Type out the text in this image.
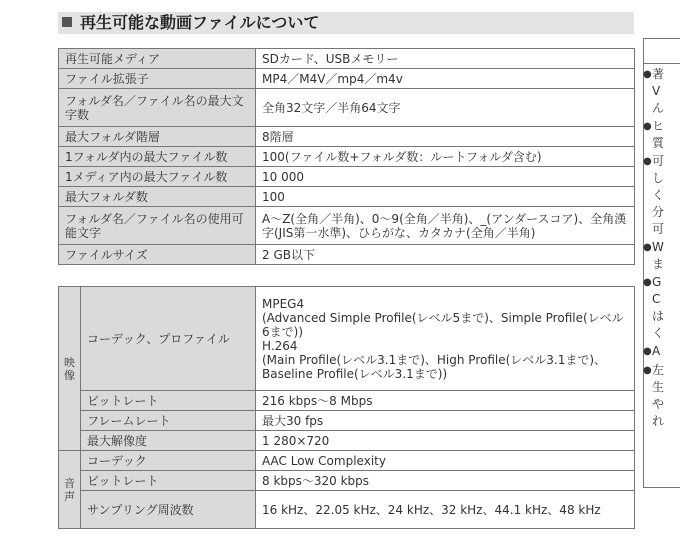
再生可能な動画ファイルについて
再生可能メディア	SDカード、USBメモリー
ファイル拡張子	MP4／M4V／mp4／m4v
フォルダ名／ファイル名の最大文字数	全角32文字／半角64文字
最大フォルダ階層	8階層
1フォルダ内の最大ファイル数	100(ファイル数+フォルダ数：ルートフォルダ含む)
1メディア内の最大ファイル数	10 000
最大フォルダ数	100
フォルダ名／ファイル名の使用可能文字	A～Z(全角／半角)、0～9(全角／半角)、_(アンダースコア)、全角漢字(JIS第一水準)、ひらがな、カタカナ(全角／半角)
ファイルサイズ	2 GB以下
映像	コーデック、プロファイル	MPEG4
(Advanced Simple Profile(レベル5まで)、Simple Profile(レベル6まで))
H.264
(Main Profile(レベル3.1まで)、High Profile(レベル3.1まで)、Baseline Profile(レベル3.1まで))

	ビットレート	216 kbps～8 Mbps
	フレームレート	最大30 fps
	最大解像度	1 280×720

音声	コーデック	AAC Low Complexity
	ビットレート	8 kbps～320 kbps
	サンプリング周波数	16 kHz、22.05 kHz、24 kHz、32 kHz、44.1 kHz、48 kHz
● 著
V
ん
● ヒ
質
● 可
し
く
分
可
● W
ま
● G
C
は
く
● A
● 左
生
や
れ
